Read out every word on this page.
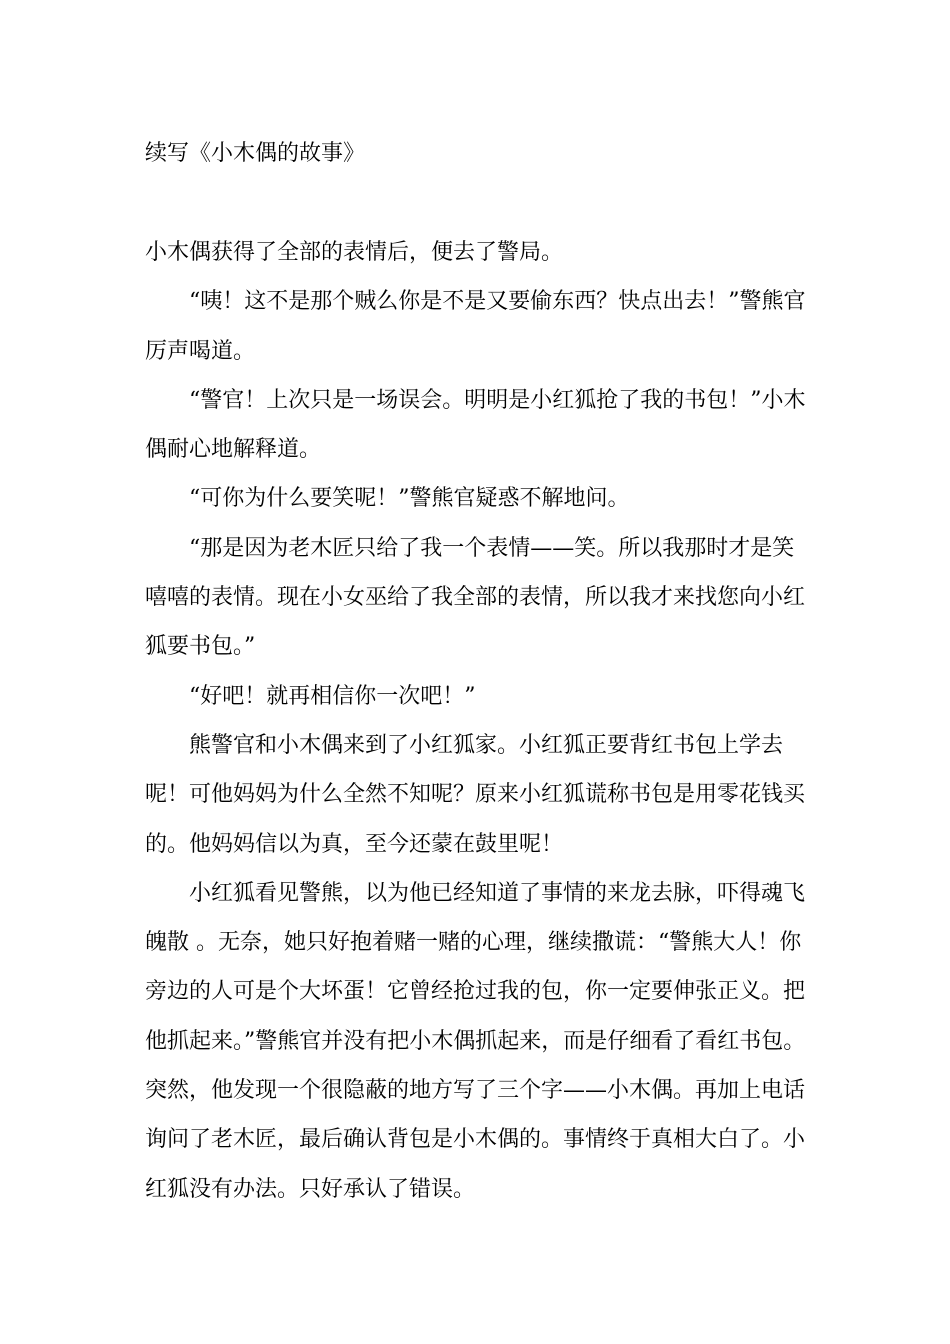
续写《小木偶的故事》

小木偶获得了全部的表情后，便去了警局。

“咦！这不是那个贼么你是不是又要偷东西？快点出去！”警熊官厉声喝道。

“警官！上次只是一场误会。明明是小红狐抢了我的书包！”小木偶耐心地解释道。

“可你为什么要笑呢！”警熊官疑惑不解地问。

“那是因为老木匠只给了我一个表情——笑。所以我那时才是笑嘻嘻的表情。现在小女巫给了我全部的表情，所以我才来找您向小红狐要书包。”

“好吧！就再相信你一次吧！”

熊警官和小木偶来到了小红狐家。小红狐正要背红书包上学去呢！可他妈妈为什么全然不知呢？原来小红狐谎称书包是用零花钱买的。他妈妈信以为真，至今还蒙在鼓里呢！

小红狐看见警熊，以为他已经知道了事情的来龙去脉，吓得魂飞魄散 。无奈，她只好抱着赌一赌的心理，继续撒谎：“警熊大人！你旁边的人可是个大坏蛋！它曾经抢过我的包，你一定要伸张正义。把他抓起来。”警熊官并没有把小木偶抓起来，而是仔细看了看红书包。突然，他发现一个很隐蔽的地方写了三个字——小木偶。再加上电话询问了老木匠，最后确认背包是小木偶的。事情终于真相大白了。小红狐没有办法。只好承认了错误。
